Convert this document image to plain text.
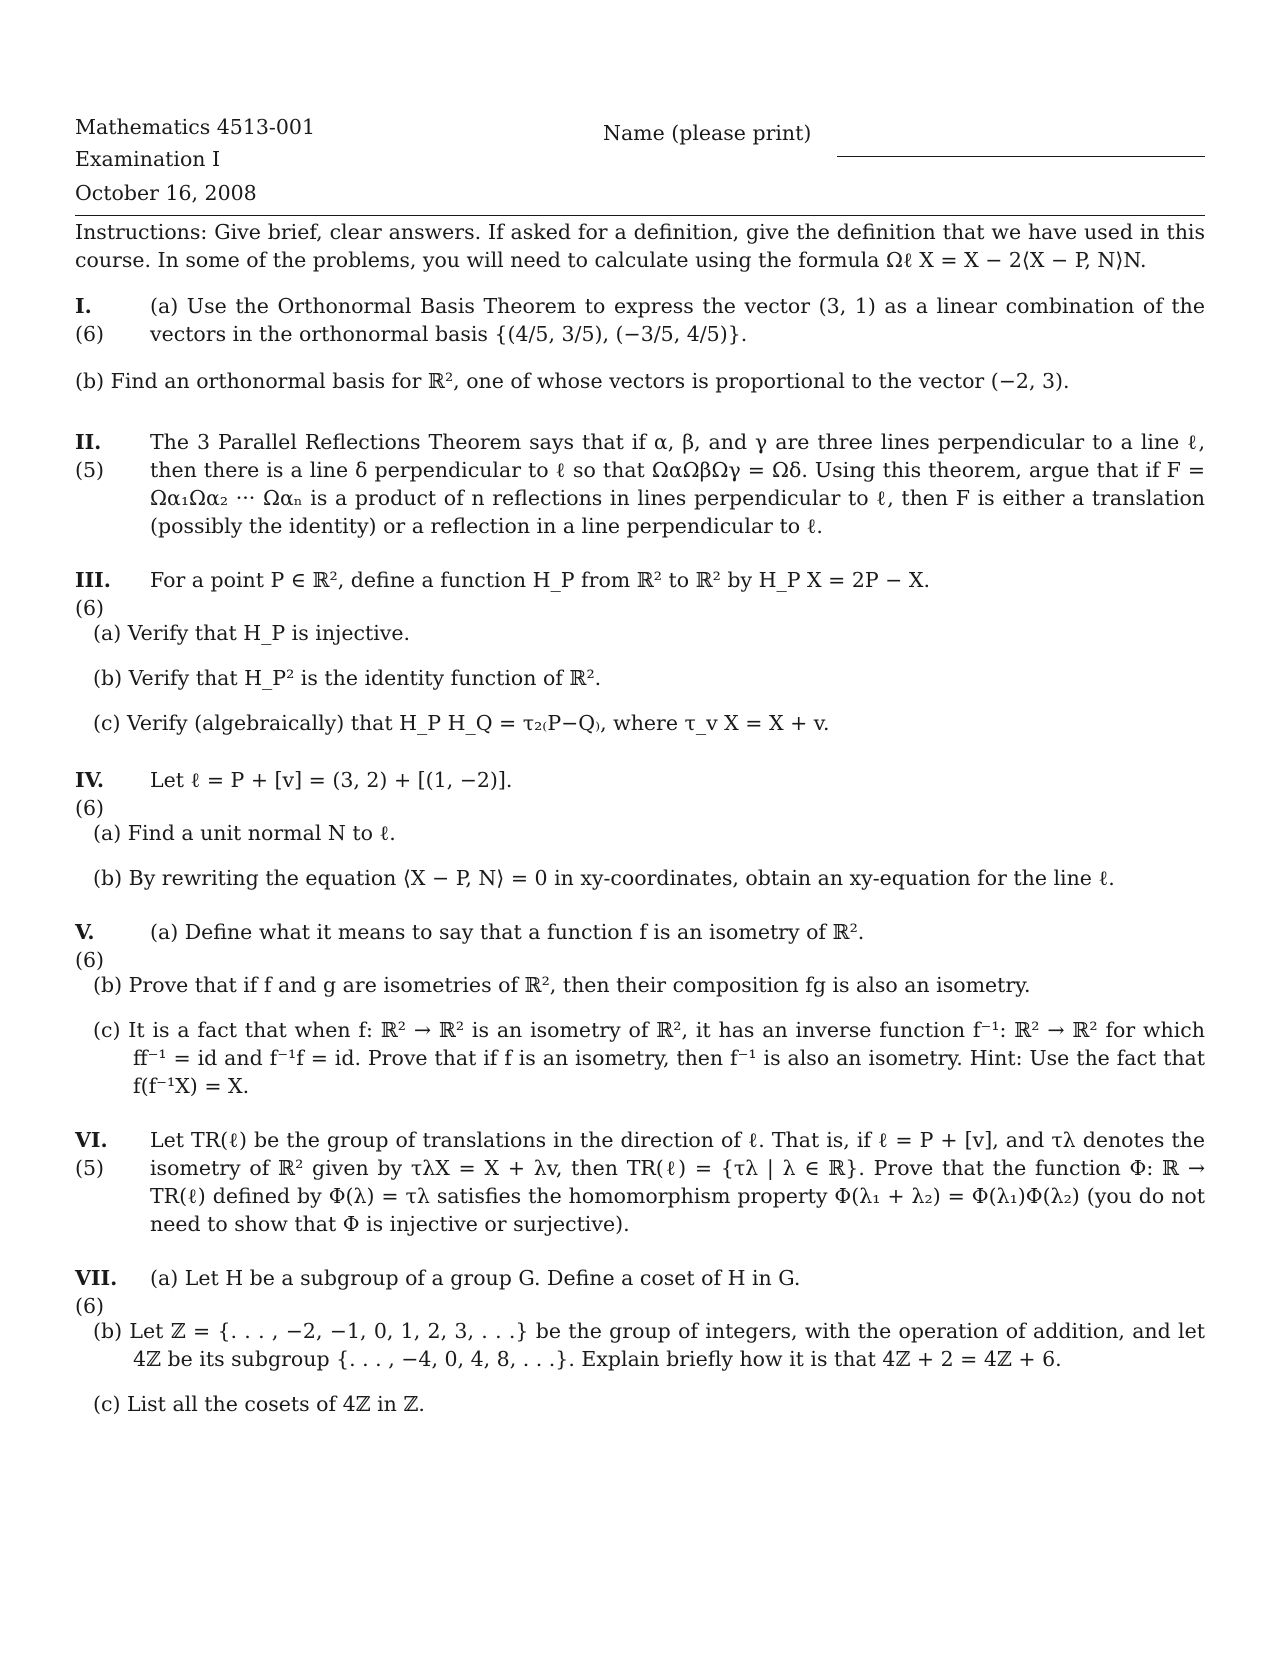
Mathematics 4513-001
Examination I
October 16, 2008
Name (please print)
Instructions: Give brief, clear answers. If asked for a definition, give the definition that we have used in this course. In some of the problems, you will need to calculate using the formula Ωℓ X = X − 2⟨X − P, N⟩N.
I.
(6)
(a) Use the Orthonormal Basis Theorem to express the vector (3, 1) as a linear combination of the vectors in the orthonormal basis {(4/5, 3/5), (−3/5, 4/5)}.
(b) Find an orthonormal basis for ℝ², one of whose vectors is proportional to the vector (−2, 3).
II.
(5)
The 3 Parallel Reflections Theorem says that if α, β, and γ are three lines perpendicular to a line ℓ, then there is a line δ perpendicular to ℓ so that ΩαΩβΩγ = Ωδ. Using this theorem, argue that if F = Ωα₁Ωα₂ ··· Ωαₙ is a product of n reflections in lines perpendicular to ℓ, then F is either a translation (possibly the identity) or a reflection in a line perpendicular to ℓ.
III.
(6)
For a point P ∈ ℝ², define a function H_P from ℝ² to ℝ² by H_P X = 2P − X.
(a) Verify that H_P is injective.
(b) Verify that H_P² is the identity function of ℝ².
(c) Verify (algebraically) that H_P H_Q = τ₂₍P−Q₎, where τ_v X = X + v.
IV.
(6)
Let ℓ = P + [v] = (3, 2) + [(1, −2)].
(a) Find a unit normal N to ℓ.
(b) By rewriting the equation ⟨X − P, N⟩ = 0 in xy-coordinates, obtain an xy-equation for the line ℓ.
V.
(6)
(a) Define what it means to say that a function f is an isometry of ℝ².
(b) Prove that if f and g are isometries of ℝ², then their composition fg is also an isometry.
(c) It is a fact that when f: ℝ² → ℝ² is an isometry of ℝ², it has an inverse function f⁻¹: ℝ² → ℝ² for which ff⁻¹ = id and f⁻¹f = id. Prove that if f is an isometry, then f⁻¹ is also an isometry. Hint: Use the fact that f(f⁻¹X) = X.
VI.
(5)
Let TR(ℓ) be the group of translations in the direction of ℓ. That is, if ℓ = P + [v], and τλ denotes the isometry of ℝ² given by τλX = X + λv, then TR(ℓ) = {τλ | λ ∈ ℝ}. Prove that the function Φ: ℝ → TR(ℓ) defined by Φ(λ) = τλ satisfies the homomorphism property Φ(λ₁ + λ₂) = Φ(λ₁)Φ(λ₂) (you do not need to show that Φ is injective or surjective).
VII.
(6)
(a) Let H be a subgroup of a group G. Define a coset of H in G.
(b) Let ℤ = {. . . , −2, −1, 0, 1, 2, 3, . . .} be the group of integers, with the operation of addition, and let 4ℤ be its subgroup {. . . , −4, 0, 4, 8, . . .}. Explain briefly how it is that 4ℤ + 2 = 4ℤ + 6.
(c) List all the cosets of 4ℤ in ℤ.
